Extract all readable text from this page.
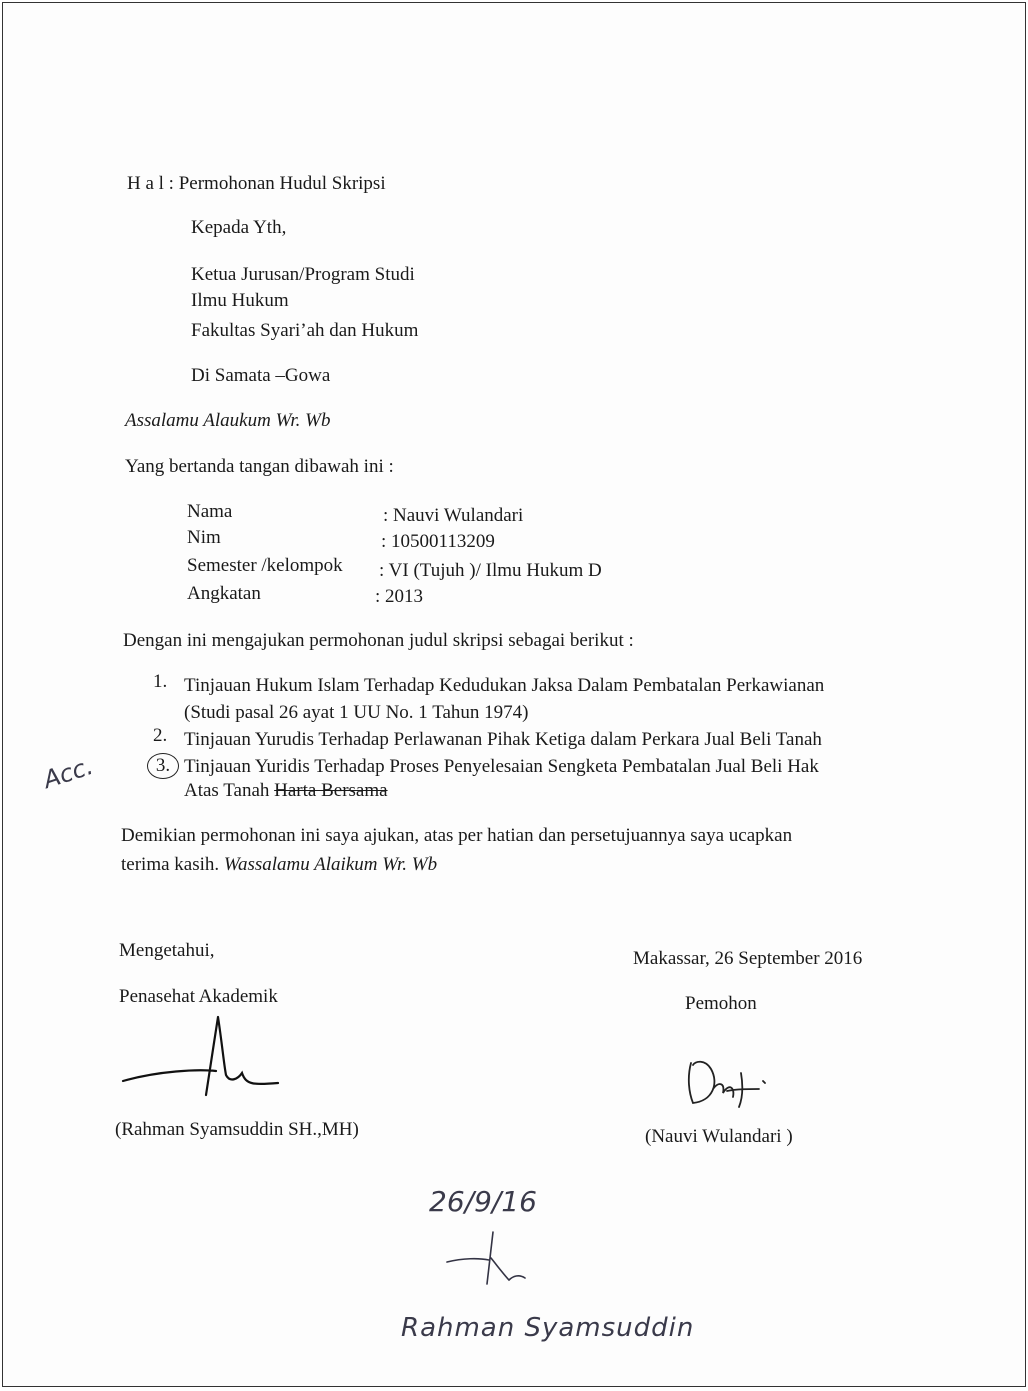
H a l : Permohonan Hudul Skripsi
Kepada Yth,
Ketua Jurusan/Program Studi
Ilmu Hukum
Fakultas Syari’ah dan Hukum
Di Samata –Gowa
Assalamu Alaukum Wr. Wb
Yang bertanda tangan dibawah ini :
Nama	: Nauvi Wulandari
Nim	: 10500113209
Semester /kelompok : VI (Tujuh )/ Ilmu Hukum D
Angkatan	: 2013
Dengan ini mengajukan permohonan judul skripsi sebagai berikut :
1. Tinjauan Hukum Islam Terhadap Kedudukan Jaksa Dalam Pembatalan Perkawianan
(Studi pasal 26 ayat 1 UU No. 1 Tahun 1974)
2. Tinjauan Yurudis Terhadap Perlawanan Pihak Ketiga dalam Perkara Jual Beli Tanah
3. Tinjauan Yuridis Terhadap Proses Penyelesaian Sengketa Pembatalan Jual Beli Hak
Atas Tanah Harta Bersama
Acc.
Demikian permohonan ini saya ajukan, atas per hatian dan persetujuannya saya ucapkan
terima kasih. Wassalamu Alaikum Wr. Wb
Mengetahui,
Penasehat Akademik
(Rahman Syamsuddin SH.,MH)
Makassar, 26 September 2016
Pemohon
(Nauvi Wulandari )
26/9/16
Rahman Syamsuddin
